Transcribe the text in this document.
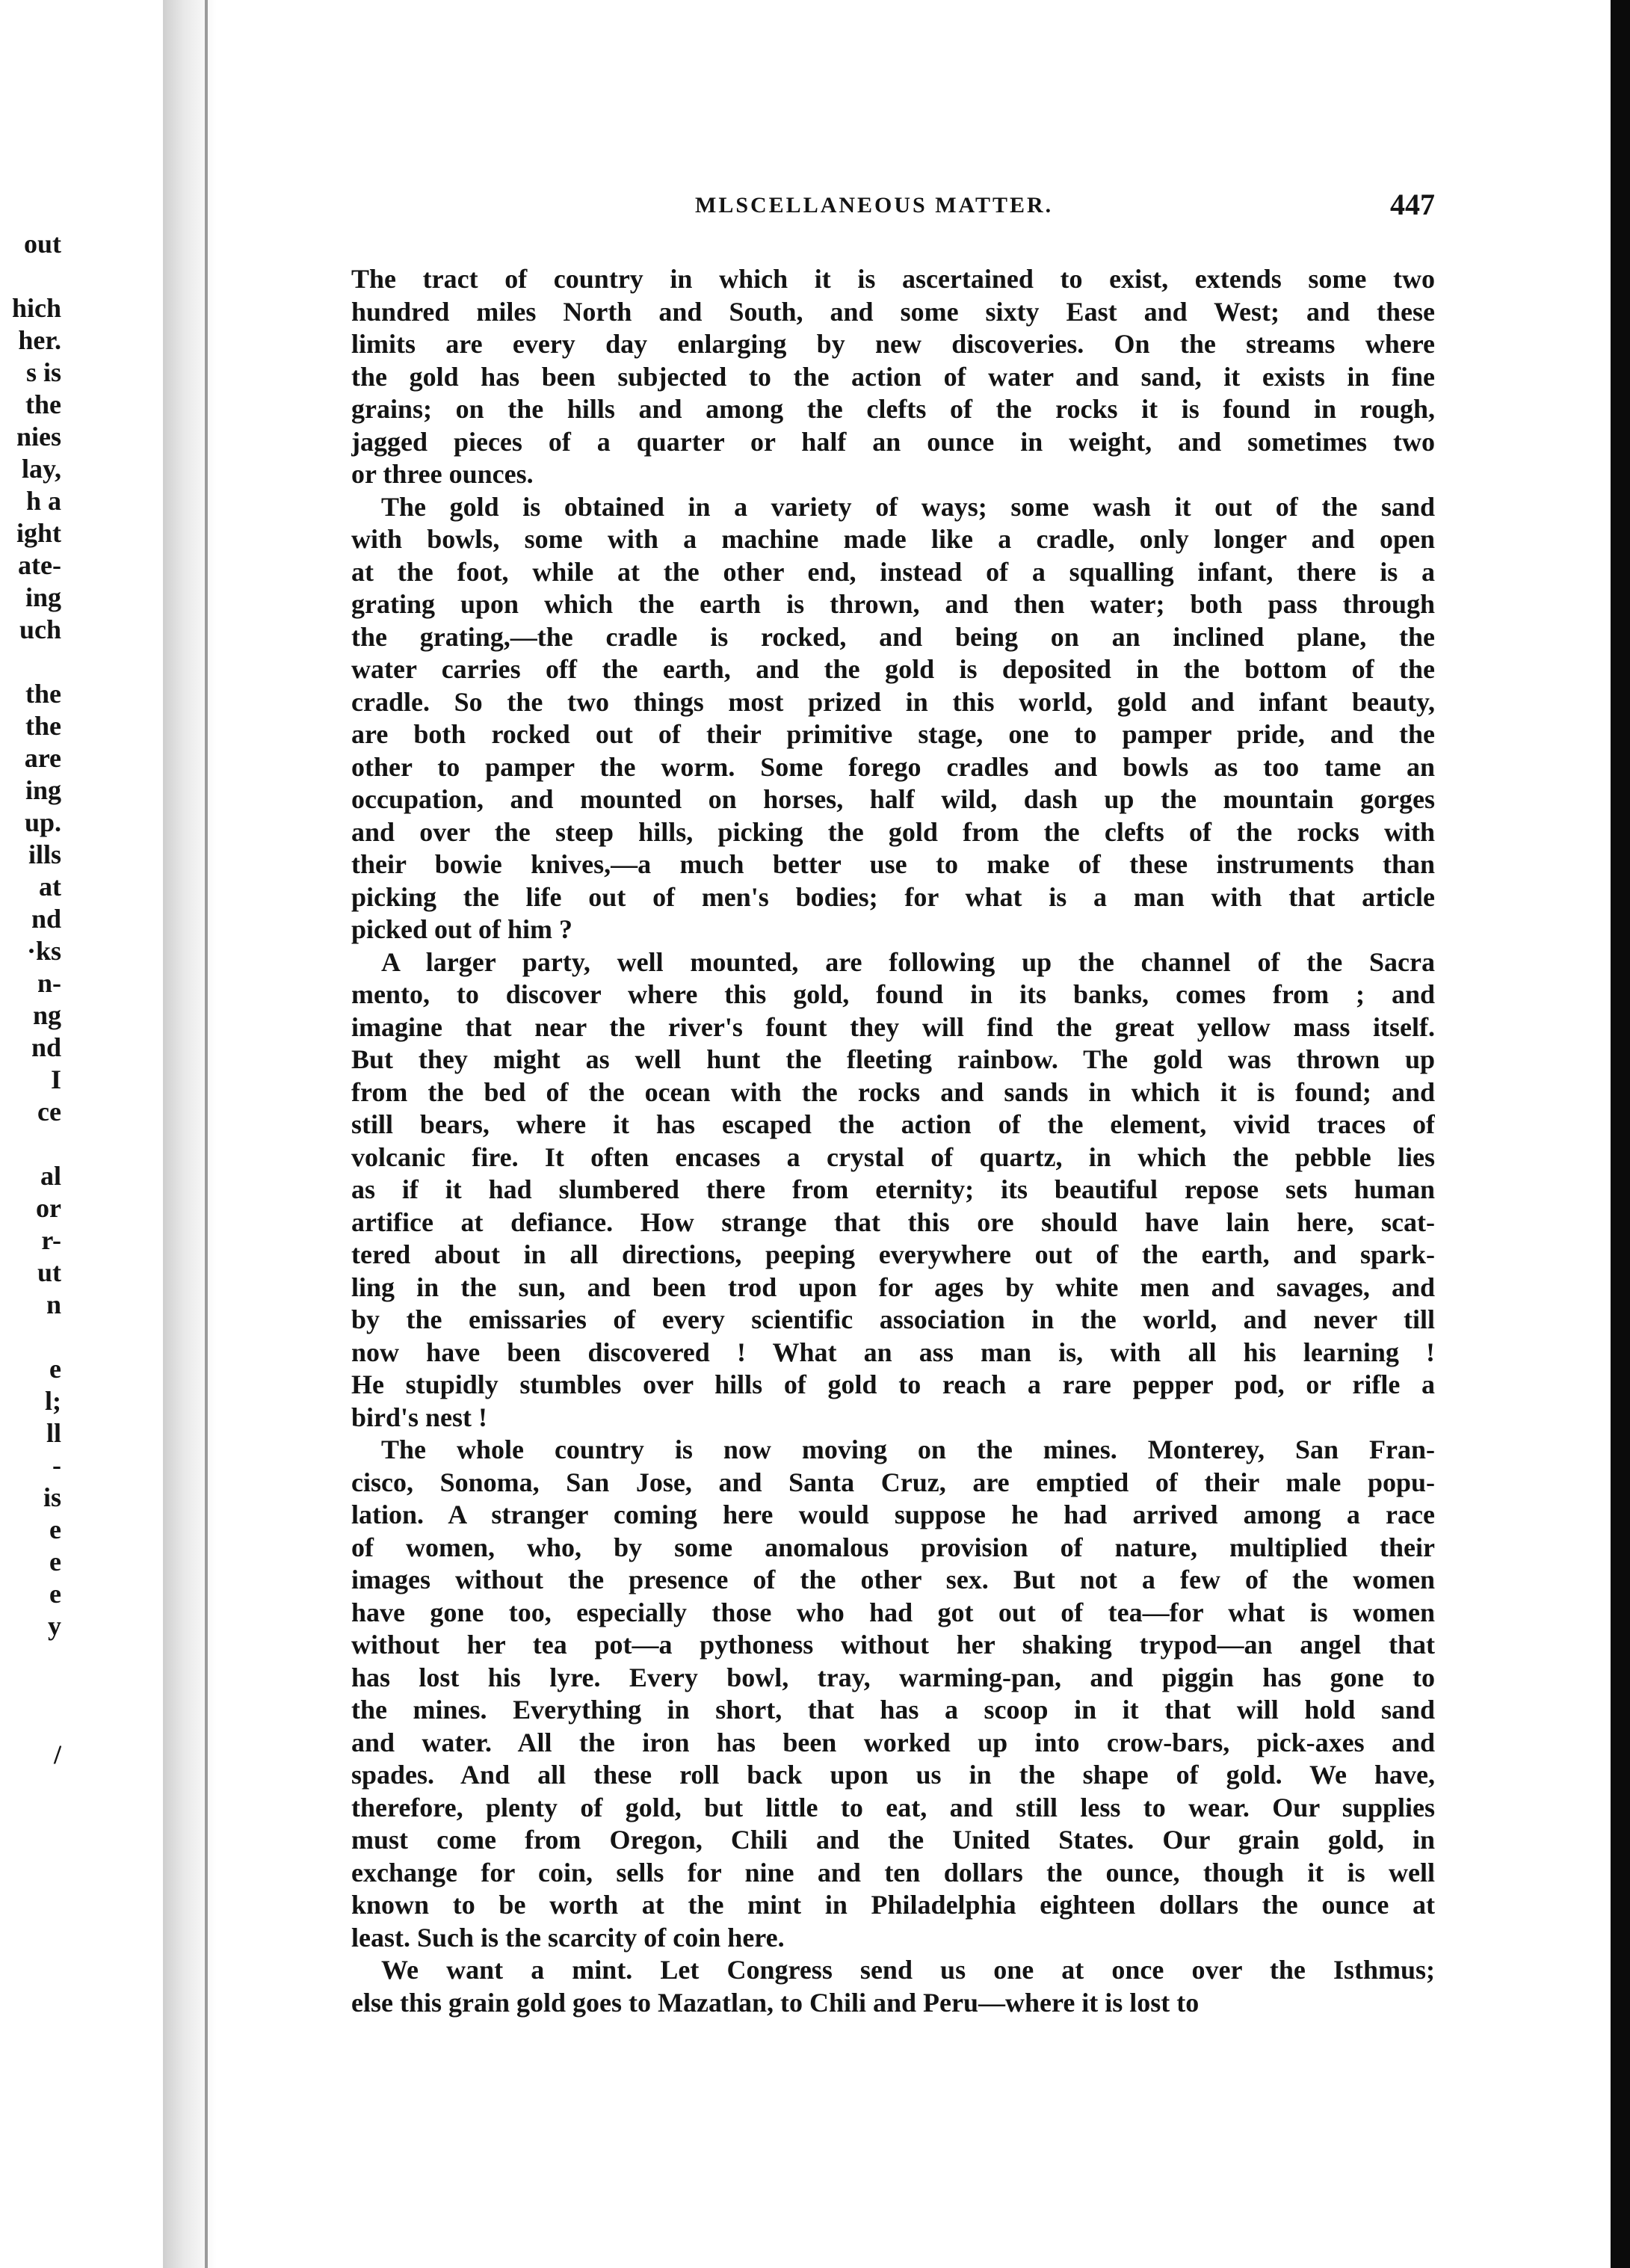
out
hich
her.
s is
the
nies
lay,
h a
ight
ate-
ing
uch
the
the
are
ing
up.
ills
at
nd
·ks
n-
ng
nd
I
ce
al
or
r-
ut
n
e
l;
ll
-
is
e
e
e
y
/
MLSCELLANEOUS MATTER.	447
The tract of country in which it is ascertained to exist, extends some two
hundred miles North and South, and some sixty East and West; and these
limits are every day enlarging by new discoveries. On the streams where
the gold has been subjected to the action of water and sand, it exists in fine
grains; on the hills and among the clefts of the rocks it is found in rough,
jagged pieces of a quarter or half an ounce in weight, and sometimes two
or three ounces.
The gold is obtained in a variety of ways; some wash it out of the sand
with bowls, some with a machine made like a cradle, only longer and open
at the foot, while at the other end, instead of a squalling infant, there is a
grating upon which the earth is thrown, and then water; both pass through
the grating,—the cradle is rocked, and being on an inclined plane, the
water carries off the earth, and the gold is deposited in the bottom of the
cradle. So the two things most prized in this world, gold and infant beauty,
are both rocked out of their primitive stage, one to pamper pride, and the
other to pamper the worm. Some forego cradles and bowls as too tame an
occupation, and mounted on horses, half wild, dash up the mountain gorges
and over the steep hills, picking the gold from the clefts of the rocks with
their bowie knives,—a much better use to make of these instruments than
picking the life out of men's bodies; for what is a man with that article
picked out of him ?
A larger party, well mounted, are following up the channel of the Sacra
mento, to discover where this gold, found in its banks, comes from ; and
imagine that near the river's fount they will find the great yellow mass itself.
But they might as well hunt the fleeting rainbow. The gold was thrown up
from the bed of the ocean with the rocks and sands in which it is found; and
still bears, where it has escaped the action of the element, vivid traces of
volcanic fire. It often encases a crystal of quartz, in which the pebble lies
as if it had slumbered there from eternity; its beautiful repose sets human
artifice at defiance. How strange that this ore should have lain here, scat-
tered about in all directions, peeping everywhere out of the earth, and spark-
ling in the sun, and been trod upon for ages by white men and savages, and
by the emissaries of every scientific association in the world, and never till
now have been discovered ! What an ass man is, with all his learning !
He stupidly stumbles over hills of gold to reach a rare pepper pod, or rifle a
bird's nest !
The whole country is now moving on the mines. Monterey, San Fran-
cisco, Sonoma, San Jose, and Santa Cruz, are emptied of their male popu-
lation. A stranger coming here would suppose he had arrived among a race
of women, who, by some anomalous provision of nature, multiplied their
images without the presence of the other sex. But not a few of the women
have gone too, especially those who had got out of tea—for what is women
without her tea pot—a pythoness without her shaking trypod—an angel that
has lost his lyre. Every bowl, tray, warming-pan, and piggin has gone to
the mines. Everything in short, that has a scoop in it that will hold sand
and water. All the iron has been worked up into crow-bars, pick-axes and
spades. And all these roll back upon us in the shape of gold. We have,
therefore, plenty of gold, but little to eat, and still less to wear. Our supplies
must come from Oregon, Chili and the United States. Our grain gold, in
exchange for coin, sells for nine and ten dollars the ounce, though it is well
known to be worth at the mint in Philadelphia eighteen dollars the ounce at
least. Such is the scarcity of coin here.
We want a mint. Let Congress send us one at once over the Isthmus;
else this grain gold goes to Mazatlan, to Chili and Peru—where it is lost to
